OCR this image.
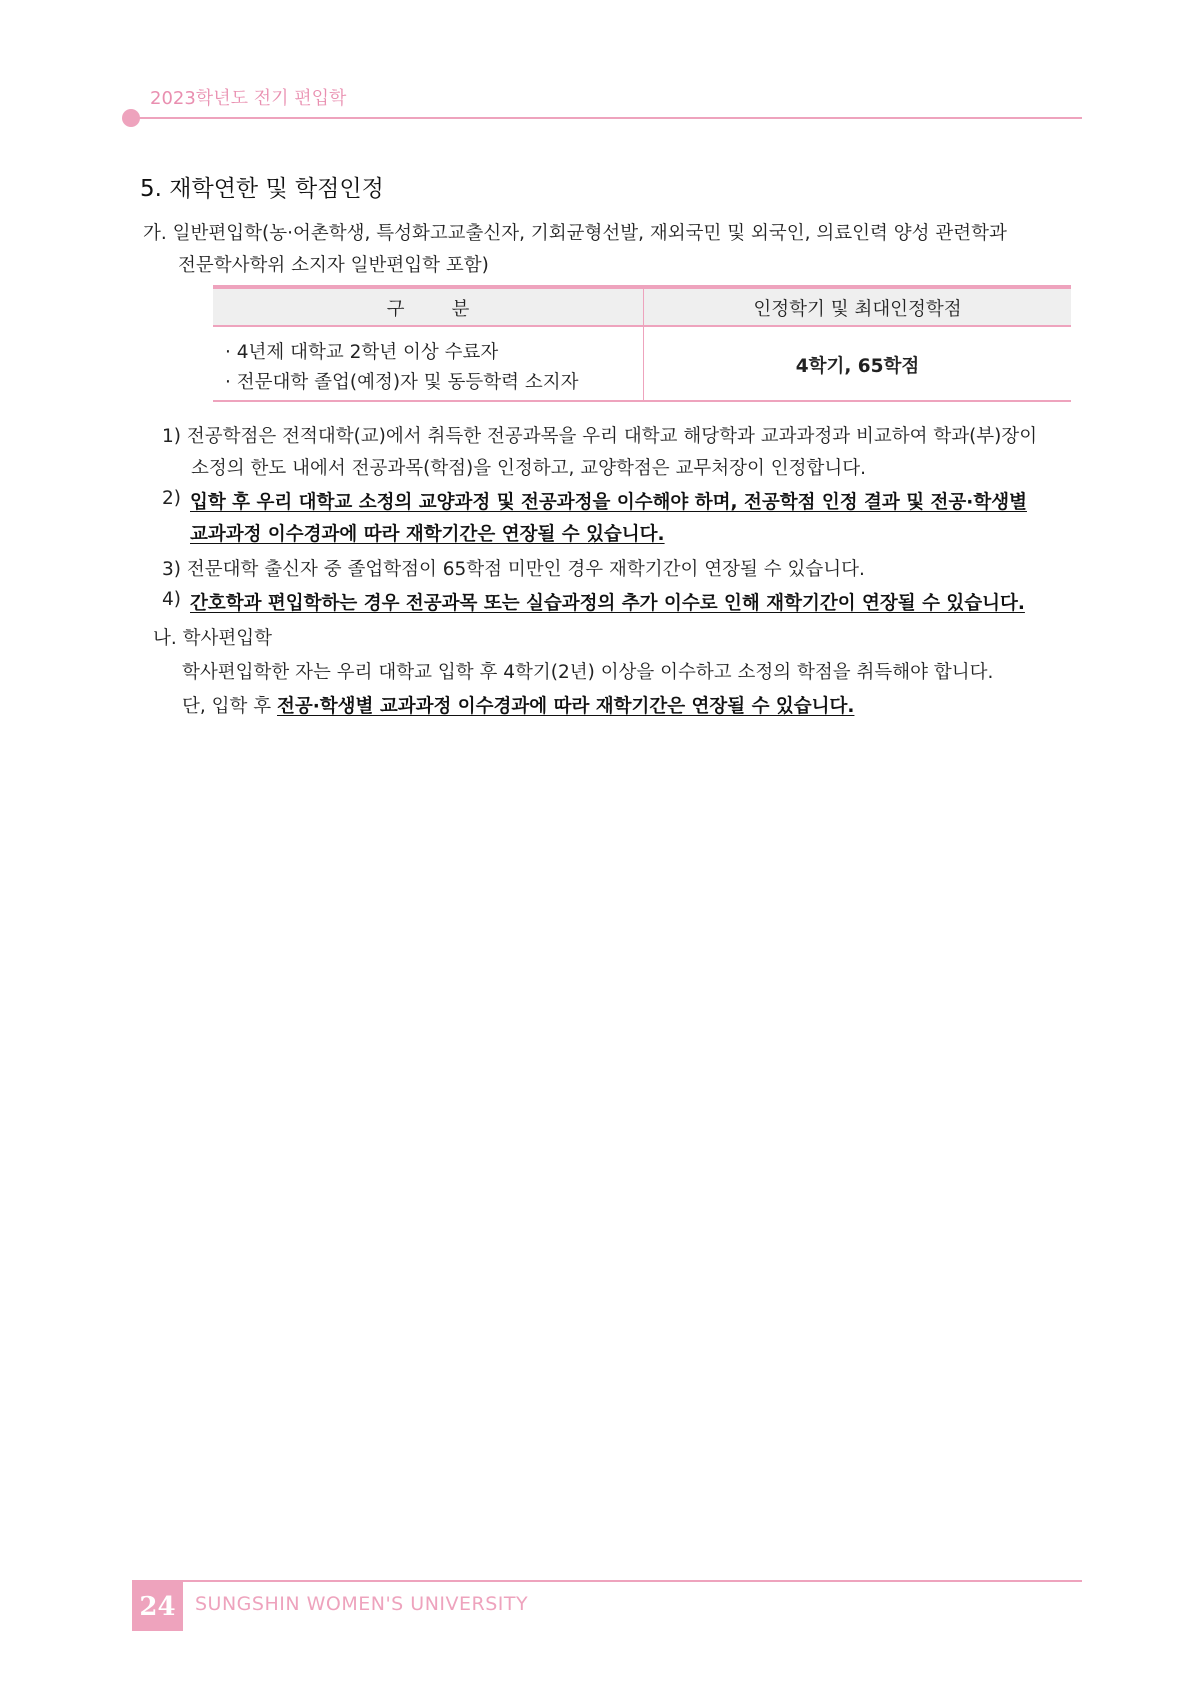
2023학년도 전기 편입학
5. 재학연한 및 학점인정
가. 일반편입학(농·어촌학생, 특성화고교출신자, 기회균형선발, 재외국민 및 외국인, 의료인력 양성 관련학과
전문학사학위 소지자 일반편입학 포함)
구        분	인정학기 및 최대인정학점
· 4년제 대학교 2학년 이상 수료자
· 전문대학 졸업(예정)자 및 동등학력 소지자
4학기, 65학점
1) 전공학점은 전적대학(교)에서 취득한 전공과목을 우리 대학교 해당학과 교과과정과 비교하여 학과(부)장이
소정의 한도 내에서 전공과목(학점)을 인정하고, 교양학점은 교무처장이 인정합니다.
2) 입학 후 우리 대학교 소정의 교양과정 및 전공과정을 이수해야 하며, 전공학점 인정 결과 및 전공·학생별
교과과정 이수경과에 따라 재학기간은 연장될 수 있습니다.
3) 전문대학 출신자 중 졸업학점이 65학점 미만인 경우 재학기간이 연장될 수 있습니다.
4) 간호학과 편입학하는 경우 전공과목 또는 실습과정의 추가 이수로 인해 재학기간이 연장될 수 있습니다.
나. 학사편입학
학사편입학한 자는 우리 대학교 입학 후 4학기(2년) 이상을 이수하고 소정의 학점을 취득해야 합니다.
단, 입학 후 전공·학생별 교과과정 이수경과에 따라 재학기간은 연장될 수 있습니다.
24	SUNGSHIN WOMEN'S UNIVERSITY
